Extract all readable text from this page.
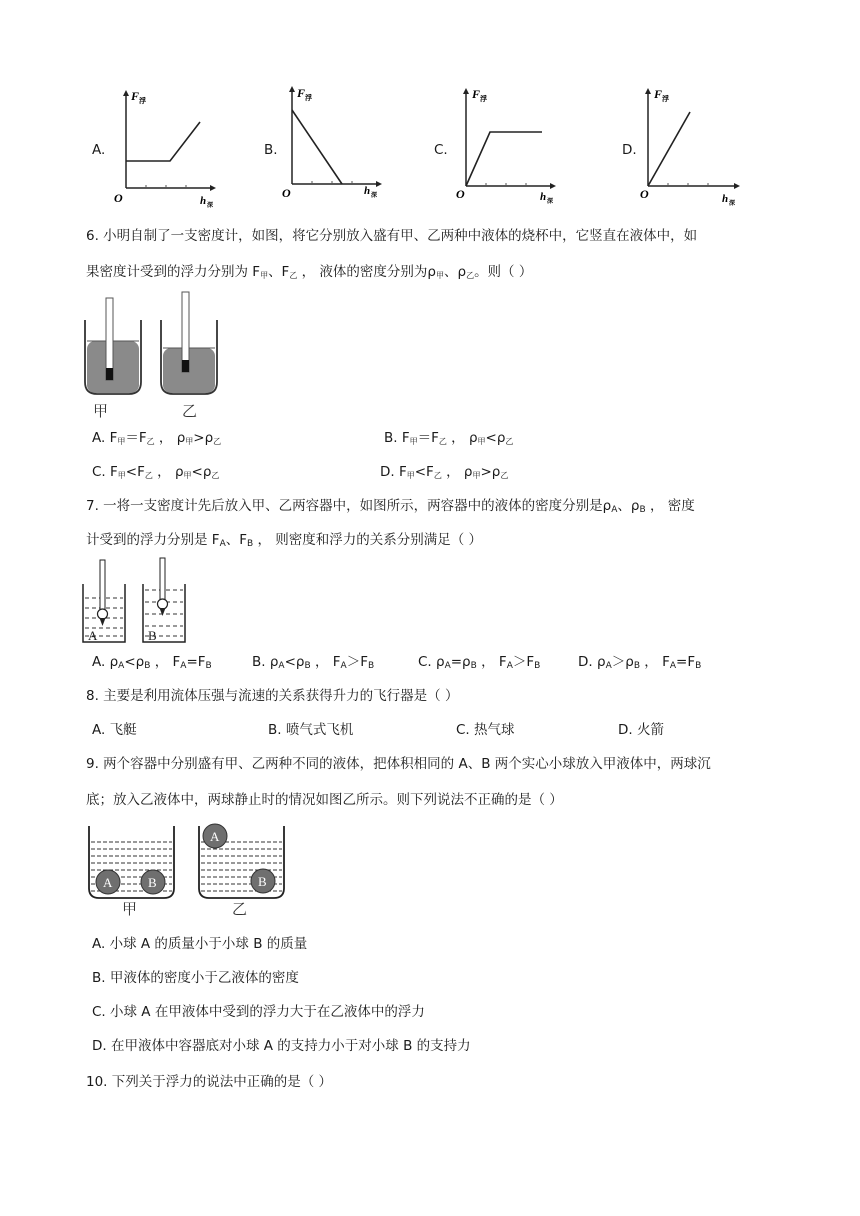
A.
F 浮
O	h 深
B.
F 浮
O	h 深
C.
F 浮
O	h 深
D.
F 浮
O	h 深
6. 小明自制了一支密度计，如图，将它分别放入盛有甲、乙两种中液体的烧杯中，它竖直在液体中，如
果密度计受到的浮力分别为 $F_甲$、$F_乙$ ， 液体的密度分别为$\rho_甲$、$\rho_乙$。则（ ）
甲	乙
A. $F_甲=F_乙$ ， $\rho_甲>\rho_乙$	B. $F_甲=F_乙$ ， $\rho_甲<\rho_乙$
C. $F_甲<F_乙$ ， $\rho_甲<\rho_乙$	D. $F_甲<F_乙$ ， $\rho_甲>\rho_乙$
7. 一将一支密度计先后放入甲、乙两容器中，如图所示，两容器中的液体的密度分别是ρA、ρB ， 密度
计受到的浮力分别是 FA、FB ， 则密度和浮力的关系分别满足（ ）
A	B
A. ρA<ρB ， FA=FB	B. ρA<ρB ， FA＞FB	C. ρA=ρB ， FA＞FB	D. ρA＞ρB ， FA=FB
8. 主要是利用流体压强与流速的关系获得升力的飞行器是（ ）
A. 飞艇	B. 喷气式飞机	C. 热气球	D. 火箭
9. 两个容器中分别盛有甲、乙两种不同的液体，把体积相同的 A、B 两个实心小球放入甲液体中，两球沉
底；放入乙液体中，两球静止时的情况如图乙所示。则下列说法不正确的是（ ）
A	B
A
B
甲	乙
A. 小球 A 的质量小于小球 B 的质量
B. 甲液体的密度小于乙液体的密度
C. 小球 A 在甲液体中受到的浮力大于在乙液体中的浮力
D. 在甲液体中容器底对小球 A 的支持力小于对小球 B 的支持力
10. 下列关于浮力的说法中正确的是（ ）
